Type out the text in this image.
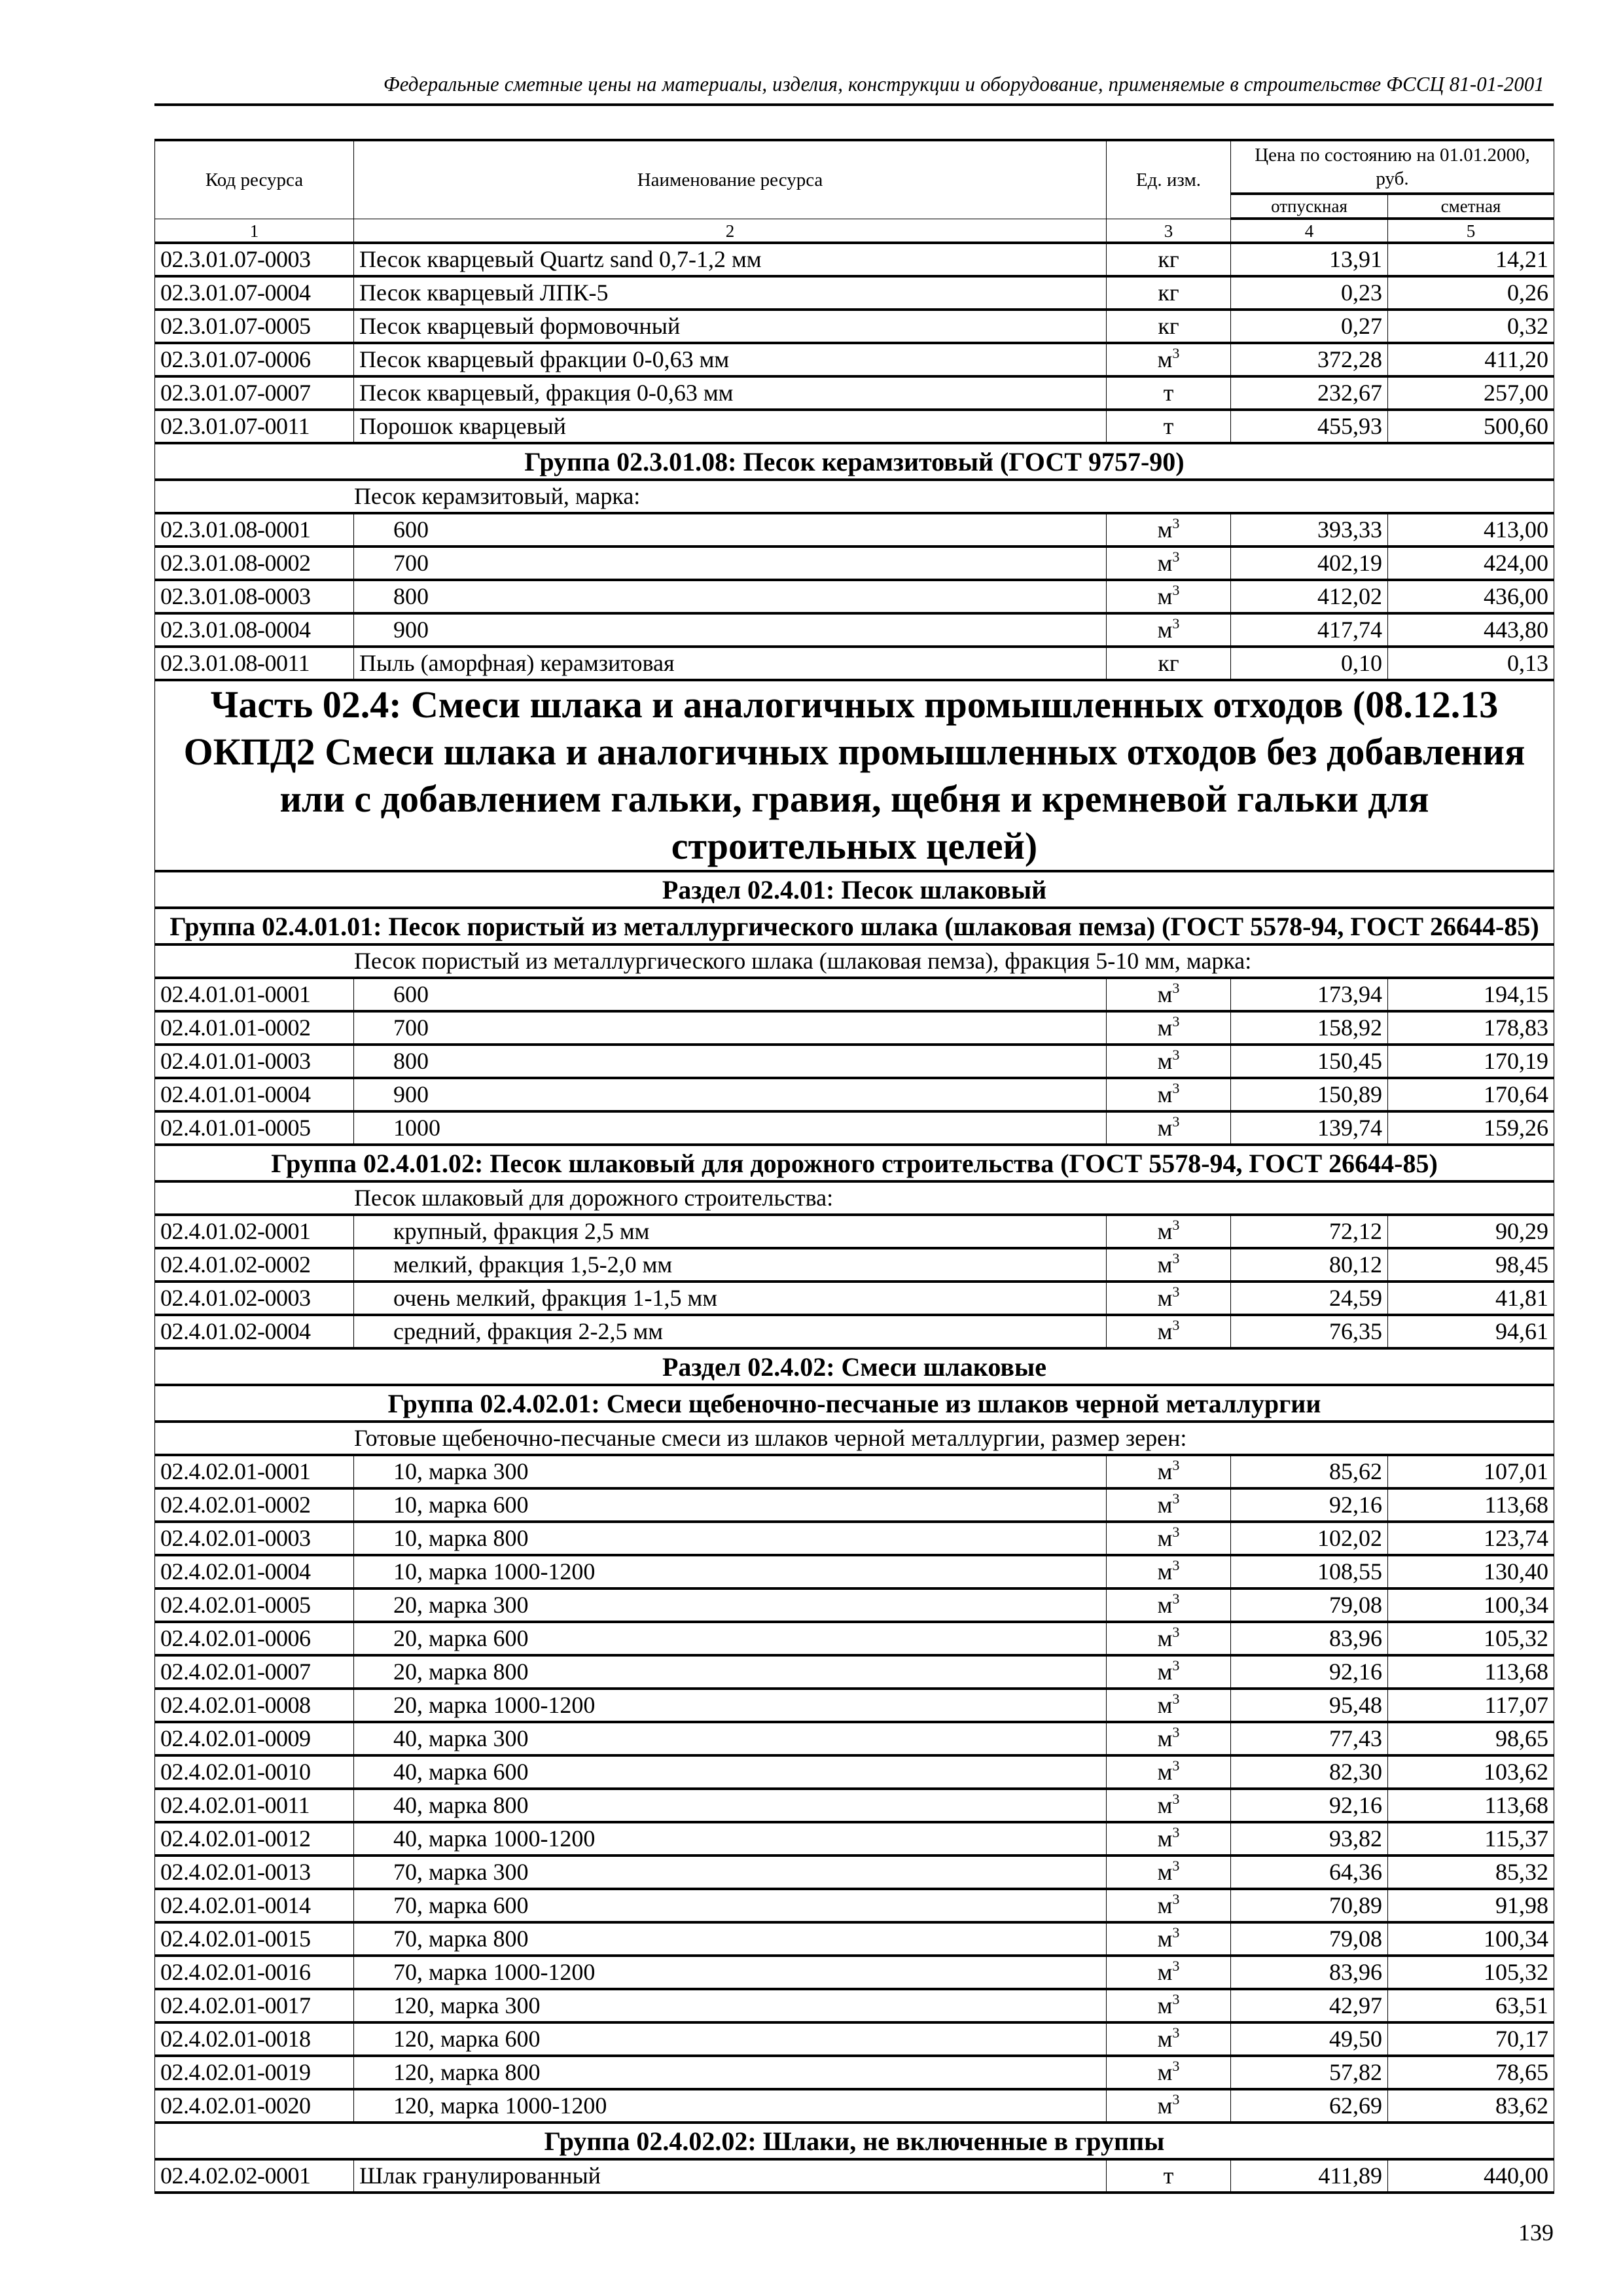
Федеральные сметные цены на материалы, изделия, конструкции и оборудование, применяемые в строительстве ФССЦ 81-01-2001
Код ресурса	Наименование ресурса	Ед. изм.	Цена по состоянию на 01.01.2000, руб.	
			отпускная	сметная
1	2	3	4	5
02.3.01.07-0003	Песок кварцевый Quartz sand 0,7-1,2 мм	кг	13,91	14,21
02.3.01.07-0004	Песок кварцевый ЛПК-5	кг	0,23	0,26
02.3.01.07-0005	Песок кварцевый формовочный	кг	0,27	0,32
02.3.01.07-0006	Песок кварцевый фракции 0-0,63 мм	$м^3$	372,28	411,20
02.3.01.07-0007	Песок кварцевый, фракция 0-0,63 мм	т	232,67	257,00
02.3.01.07-0011	Порошок кварцевый	т	455,93	500,60
Группа 02.3.01.08: Песок керамзитовый (ГОСТ 9757-90)				

Песок керамзитовый, марка:				

02.3.01.08-0001	600	$м^3$	393,33	413,00
02.3.01.08-0002	700	$м^3$	402,19	424,00
02.3.01.08-0003	800	$м^3$	412,02	436,00
02.3.01.08-0004	900	$м^3$	417,74	443,80
02.3.01.08-0011	Пыль (аморфная) керамзитовая	кг	0,10	0,13
Часть 02.4: Смеси шлака и аналогичных промышленных отходов (08.12.13 ОКПД2 Смеси шлака и аналогичных промышленных отходов без добавления или с добавлением гальки, гравия, щебня и кремневой гальки для строительных целей)				
Раздел 02.4.01: Песок шлаковый				
Группа 02.4.01.01: Песок пористый из металлургического шлака (шлаковая пемза) (ГОСТ 5578-94, ГОСТ 26644-85)				

Песок пористый из металлургического шлака (шлаковая пемза), фракция 5-10 мм, марка:				

02.4.01.01-0001	600	$м^3$	173,94	194,15
02.4.01.01-0002	700	$м^3$	158,92	178,83
02.4.01.01-0003	800	$м^3$	150,45	170,19
02.4.01.01-0004	900	$м^3$	150,89	170,64
02.4.01.01-0005	1000	$м^3$	139,74	159,26
Группа 02.4.01.02: Песок шлаковый для дорожного строительства (ГОСТ 5578-94, ГОСТ 26644-85)				

Песок шлаковый для дорожного строительства:				

02.4.01.02-0001	крупный, фракция 2,5 мм	$м^3$	72,12	90,29
02.4.01.02-0002	мелкий, фракция 1,5-2,0 мм	$м^3$	80,12	98,45
02.4.01.02-0003	очень мелкий, фракция 1-1,5 мм	$м^3$	24,59	41,81
02.4.01.02-0004	средний, фракция 2-2,5 мм	$м^3$	76,35	94,61
Раздел 02.4.02: Смеси шлаковые				
Группа 02.4.02.01: Смеси щебеночно-песчаные из шлаков черной металлургии				

Готовые щебеночно-песчаные смеси из шлаков черной металлургии, размер зерен:				

02.4.02.01-0001	10, марка 300	$м^3$	85,62	107,01
02.4.02.01-0002	10, марка 600	$м^3$	92,16	113,68
02.4.02.01-0003	10, марка 800	$м^3$	102,02	123,74
02.4.02.01-0004	10, марка 1000-1200	$м^3$	108,55	130,40
02.4.02.01-0005	20, марка 300	$м^3$	79,08	100,34
02.4.02.01-0006	20, марка 600	$м^3$	83,96	105,32
02.4.02.01-0007	20, марка 800	$м^3$	92,16	113,68
02.4.02.01-0008	20, марка 1000-1200	$м^3$	95,48	117,07
02.4.02.01-0009	40, марка 300	$м^3$	77,43	98,65
02.4.02.01-0010	40, марка 600	$м^3$	82,30	103,62
02.4.02.01-0011	40, марка 800	$м^3$	92,16	113,68
02.4.02.01-0012	40, марка 1000-1200	$м^3$	93,82	115,37
02.4.02.01-0013	70, марка 300	$м^3$	64,36	85,32
02.4.02.01-0014	70, марка 600	$м^3$	70,89	91,98
02.4.02.01-0015	70, марка 800	$м^3$	79,08	100,34
02.4.02.01-0016	70, марка 1000-1200	$м^3$	83,96	105,32
02.4.02.01-0017	120, марка 300	$м^3$	42,97	63,51
02.4.02.01-0018	120, марка 600	$м^3$	49,50	70,17
02.4.02.01-0019	120, марка 800	$м^3$	57,82	78,65
02.4.02.01-0020	120, марка 1000-1200	$м^3$	62,69	83,62
Группа 02.4.02.02: Шлаки, не включенные в группы				
02.4.02.02-0001	Шлак гранулированный	т	411,89	440,00
139
